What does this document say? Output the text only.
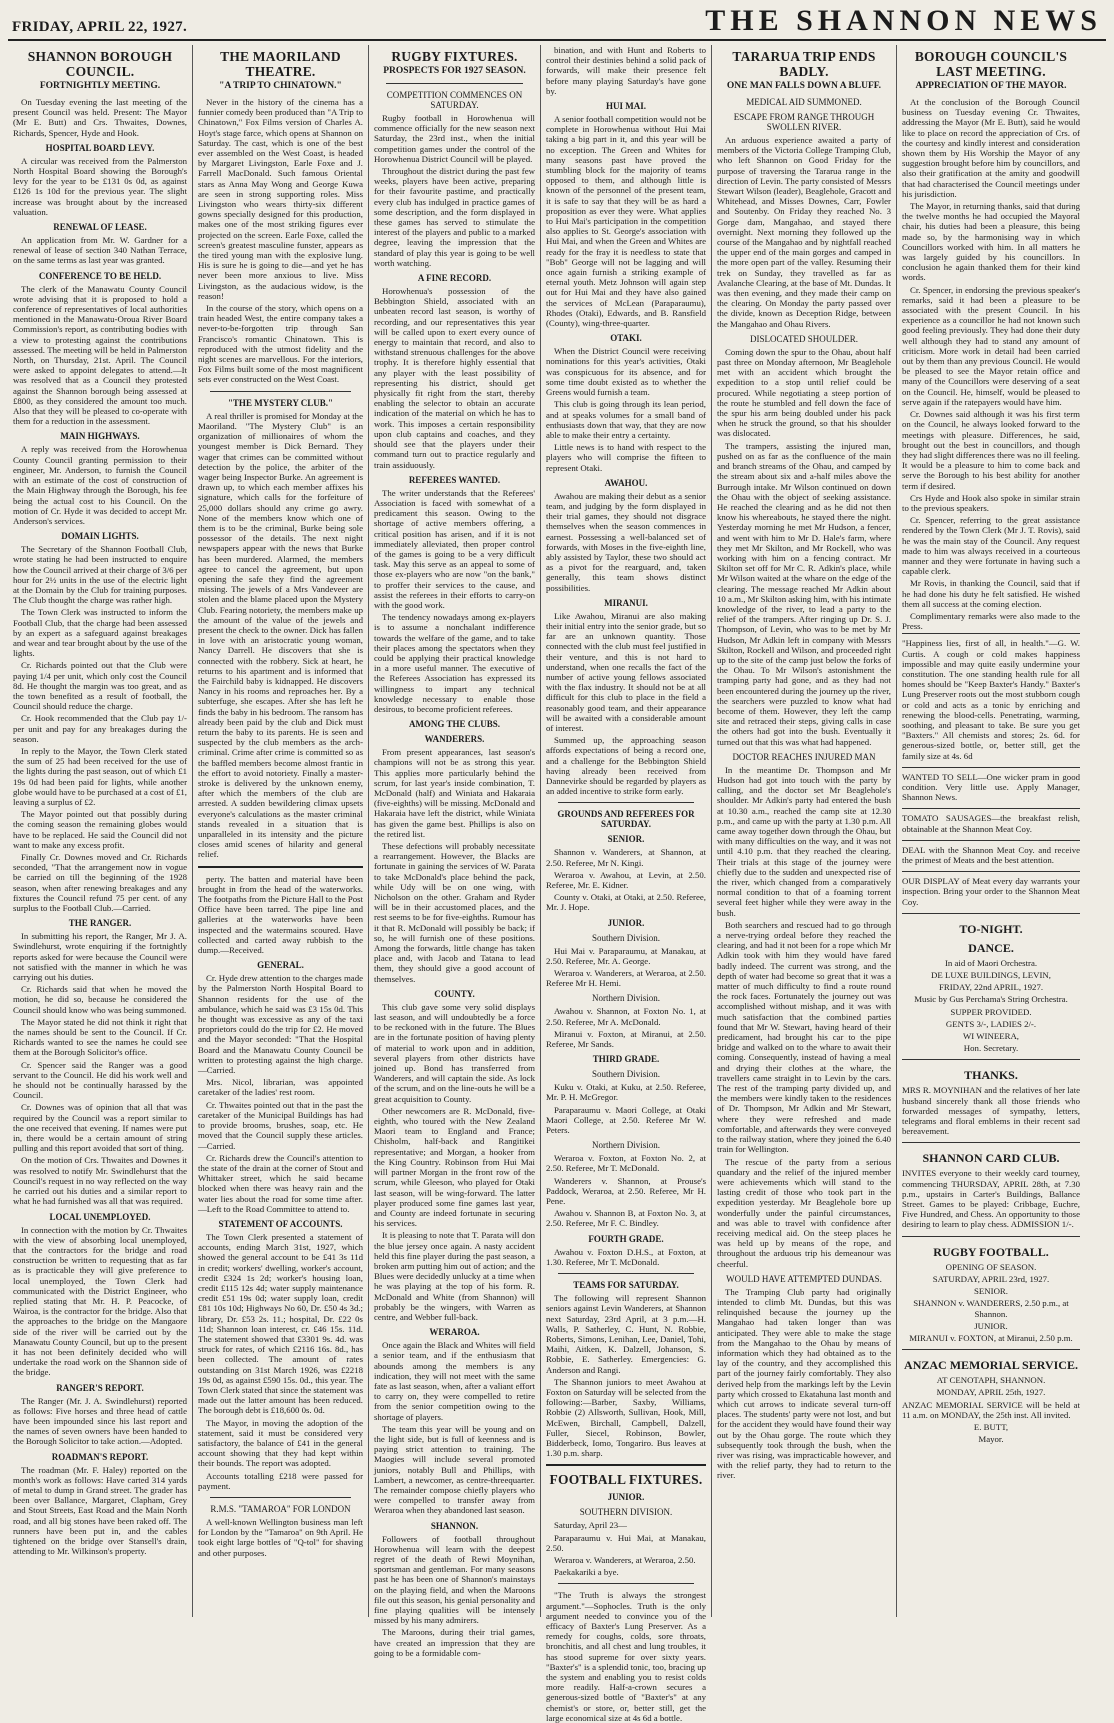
FRIDAY, APRIL 22, 1927.	THE SHANNON NEWS
SHANNON BOROUGH COUNCIL.
FORTNIGHTLY MEETING.

On Tuesday evening the last meeting of the present Council was held. Present: The Mayor (Mr E. Butt) and Crs. Thwaites, Downes, Richards, Spencer, Hyde and Hook.

HOSPITAL BOARD LEVY.

A circular was received from the Palmerston North Hospital Board showing the Borough's levy for the year to be £131 0s 0d, as against £126 1s 10d for the previous year. The slight increase was brought about by the increased valuation.

RENEWAL OF LEASE.

An application from Mr. W. Gardner for a renewal of lease of section 340 Nathan Terrace, on the same terms as last year was granted.

CONFERENCE TO BE HELD.

The clerk of the Manawatu County Council wrote advising that it is proposed to hold a conference of representatives of local authorities mentioned in the Manawatu-Oroua River Board Commission's report, as contributing bodies with a view to protesting against the contributions assessed. The meeting will be held in Palmerston North, on Thursday, 21st. April. The Council were asked to appoint delegates to attend.—It was resolved that as a Council they protested against the Shannon borough being assessed at £800, as they considered the amount too much. Also that they will be pleased to co-operate with them for a reduction in the assessment.

MAIN HIGHWAYS.

A reply was received from the Horowhenua County Council granting permission to their engineer, Mr. Anderson, to furnish the Council with an estimate of the cost of construction of the Main Highway through the Borough, his fee being the actual cost to his Council. On the motion of Cr. Hyde it was decided to accept Mr. Anderson's services.

DOMAIN LIGHTS.

The Secretary of the Shannon Football Club, wrote stating he had been instructed to enquire how the Council arrived at their charge of 3/6 per hour for 2½ units in the use of the electric light at the Domain by the Club for training purposes. The Club thought the charge was rather high.

The Town Clerk was instructed to inform the Football Club, that the charge had been assessed by an expert as a safeguard against breakages and wear and tear brought about by the use of the lights.

Cr. Richards pointed out that the Club were paying 1/4 per unit, which only cost the Council 8d. He thought the margin was too great, and as the town benefited as a result of football, the Council should reduce the charge.

Cr. Hook recommended that the Club pay 1/- per unit and pay for any breakages during the season.

In reply to the Mayor, the Town Clerk stated the sum of 25 had been received for the use of the lights during the past season, out of which £1 19s 0d had been paid for lights, while another globe would have to be purchased at a cost of £1, leaving a surplus of £2.

The Mayor pointed out that possibly during the coming season the remaining globes would have to be replaced. He said the Council did not want to make any excess profit.

Finally Cr. Downes moved and Cr. Richards seconded, "That the arrangement now in vogue be carried on till the beginning of the 1928 season, when after renewing breakages and any fixtures the Council refund 75 per cent. of any surplus to the Football Club.—Carried.

THE RANGER.

In submitting his report, the Ranger, Mr J. A. Swindlehurst, wrote enquiring if the fortnightly reports asked for were because the Council were not satisfied with the manner in which he was carrying out his duties.

Cr. Richards said that when he moved the motion, he did so, because he considered the Council should know who was being summoned.

The Mayor stated he did not think it right that the names should be sent to the Council. If Cr. Richards wanted to see the names he could see them at the Borough Solicitor's office.

Cr. Spencer said the Ranger was a good servant to the Council. He did his work well and he should not be continually harassed by the Council.

Cr. Downes was of opinion that all that was required by the Council was a report similar to the one received that evening. If names were put in, there would be a certain amount of string pulling and this report avoided that sort of thing.

On the motion of Crs. Thwaites and Downes it was resolved to notify Mr. Swindlehurst that the Council's request in no way reflected on the way he carried out his duties and a similar report to what he had furnished was all that was required.

LOCAL UNEMPLOYED.

In connection with the motion by Cr. Thwaites with the view of absorbing local unemployed, that the contractors for the bridge and road construction be written to requesting that as far as is practicable they will give preference to local unemployed, the Town Clerk had communicated with the District Engineer, who replied stating that Mr. H. P. Peacocke, of Wairoa, is the contractor for the bridge. Also that the approaches to the bridge on the Mangaore side of the river will be carried out by the Manawatu County Council, but up to the present it has not been definitely decided who will undertake the road work on the Shannon side of the bridge.

RANGER'S REPORT.

The Ranger (Mr. J. A. Swindlehurst) reported as follows: Five horses and three head of cattle have been impounded since his last report and the names of seven owners have been handed to the Borough Solicitor to take action.—Adopted.

ROADMAN'S REPORT.

The roadman (Mr. F. Haley) reported on the month's work as follows: Have carted 314 yards of metal to dump in Grand street. The grader has been over Ballance, Margaret, Clapham, Grey and Stout Streets, East Road and the Main North road, and all big stones have been raked off. The runners have been put in, and the cables tightened on the bridge over Stansell's drain, attending to Mr. Wilkinson's property.

THE MAORILAND THEATRE.
"A TRIP TO CHINATOWN."

Never in the history of the cinema has a funnier comedy been produced than "A Trip to Chinatown," Fox Films version of Charles A. Hoyt's stage farce, which opens at Shannon on Saturday. The cast, which is one of the best ever assembled on the West Coast, is headed by Margaret Livingston, Earle Foxe and J. Farrell MacDonald. Such famous Oriental stars as Anna May Wong and George Kuwa are seen in strong supporting roles. Miss Livingston who wears thirty-six different gowns specially designed for this production, makes one of the most striking figures ever projected on the screen. Earle Foxe, called the screen's greatest masculine funster, appears as the tired young man with the explosive lung. His is sure he is going to die—and yet he has never been more anxious to live. Miss Livingston, as the audacious widow, is the reason!

In the course of the story, which opens on a train headed West, the entire company takes a never-to-be-forgotten trip through San Francisco's romantic Chinatown. This is reproduced with the utmost fidelity and the night scenes are marvellous. For the interiors, Fox Films built some of the most magnificent sets ever constructed on the West Coast.

"THE MYSTERY CLUB."

A real thriller is promised for Monday at the Maoriland. "The Mystery Club" is an organization of millionaires of whom the youngest member is Dick Bernard. They wager that crimes can be committed without detection by the police, the arbiter of the wager being Inspector Burke. An agreement is drawn up, to which each member affixes his signature, which calls for the forfeiture of 25,000 dollars should any crime go awry. None of the members know which one of them is to be the criminal, Burke being sole possessor of the details. The next night newspapers appear with the news that Burke has been murdered. Alarmed, the members agree to cancel the agreement, but upon opening the safe they find the agreement missing. The jewels of a Mrs Vandeveer are stolen and the blame placed upon the Mystery Club. Fearing notoriety, the members make up the amount of the value of the jewels and present the check to the owner. Dick has fallen in love with an aristocratic young woman, Nancy Darrell. He discovers that she is connected with the robbery. Sick at heart, he returns to his apartment and is informed that the Fairchild baby is kidnapped. He discovers Nancy in his rooms and reproaches her. By a subterfuge, she escapes. After she has left he finds the baby in his bedroom. The ransom has already been paid by the club and Dick must return the baby to its parents. He is seen and suspected by the club members as the arch-criminal. Crime after crime is committed so as the baffled members become almost frantic in the effort to avoid notoriety. Finally a master-stroke is delivered by the unknown enemy, after which the members of the club are arrested. A sudden bewildering climax upsets everyone's calculations as the master criminal stands revealed in a situation that is unparalleled in its intensity and the picture closes amid scenes of hilarity and general relief.

perty. The batten and material have been brought in from the head of the waterworks. The footpaths from the Picture Hall to the Post Office have been tarred. The pipe line and galleries at the waterworks have been inspected and the watermains scoured. Have collected and carted away rubbish to the dump.—Received.

GENERAL.

Cr. Hyde drew attention to the charges made by the Palmerston North Hospital Board to Shannon residents for the use of the ambulance, which he said was £3 15s 0d. This he thought was excessive as any of the taxi proprietors could do the trip for £2. He moved and the Mayor seconded: "That the Hospital Board and the Manawatu County Council be written to protesting against the high charge.—Carried.

Mrs. Nicol, librarian, was appointed caretaker of the ladies' rest room.

Cr. Thwaites pointed out that in the past the caretaker of the Municipal Buildings has had to provide brooms, brushes, soap, etc. He moved that the Council supply these articles.—Carried.

Cr. Richards drew the Council's attention to the state of the drain at the corner of Stout and Whittaker street, which he said became blocked when there was heavy rain and the water lies about the road for some time after.—Left to the Road Committee to attend to.

STATEMENT OF ACCOUNTS.

The Town Clerk presented a statement of accounts, ending March 31st, 1927, which showed the general account to be £41 3s 11d in credit; workers' dwelling, worker's account, credit £324 1s 2d; worker's housing loan, credit £115 12s 4d; water supply maintenance credit £51 19s 0d; water supply loan, credit £81 10s 10d; Highways No 60, Dr. £50 4s 3d.; library, Dr. £53 2s. 11.; hospital, Dr. £22 0s 11d; Shannon loan interest, cr. £46 15s. 11d. The statement showed that £3301 9s. 4d. was struck for rates, of which £2116 16s. 8d., has been collected. The amount of rates outstanding on 31st March 1926, was £2218 19s 0d, as against £590 15s. 0d., this year. The Town Clerk stated that since the statement was made out the latter amount has been reduced. The borough debt is £18,600 0s. 0d.

The Mayor, in moving the adoption of the statement, said it must be considered very satisfactory, the balance of £41 in the general account showing that they had kept within their bounds. The report was adopted.

Accounts totalling £218 were passed for payment.

R.M.S. "TAMAROA" FOR LONDON

A well-known Wellington business man left for London by the "Tamaroa" on 9th April. He took eight large bottles of "Q-tol" for shaving and other purposes.

RUGBY FIXTURES.
PROSPECTS FOR 1927 SEASON.
COMPETITION COMMENCES ON SATURDAY.

Rugby football in Horowhenua will commence officially for the new season next Saturday, the 23rd inst., when the initial competition games under the control of the Horowhenua District Council will be played.

Throughout the district during the past few weeks, players have been active, preparing for their favourite pastime, and practically every club has indulged in practice games of some description, and the form displayed in these games has served to stimulate the interest of the players and public to a marked degree, leaving the impression that the standard of play this year is going to be well worth watching.

A FINE RECORD.

Horowhenua's possession of the Bebbington Shield, associated with an unbeaten record last season, is worthy of recording, and our representatives this year will be called upon to exert every ounce of energy to maintain that record, and also to withstand strenuous challenges for the above trophy. It is therefore highly essential that any player with the least possibility of representing his district, should get physically fit right from the start, thereby enabling the selector to obtain an accurate indication of the material on which he has to work. This imposes a certain responsibility upon club captains and coaches, and they should see that the players under their command turn out to practice regularly and train assiduously.

REFEREES WANTED.

The writer understands that the Referees' Association is faced with somewhat of a predicament this season. Owing to the shortage of active members offering, a critical position has arisen, and if it is not immediately alleviated, then proper control of the games is going to be a very difficult task. May this serve as an appeal to some of those ex-players who are now "on the bank," to proffer their services to the cause, and assist the referees in their efforts to carry-on with the good work.

The tendency nowadays among ex-players is to assume a nonchalant indifference towards the welfare of the game, and to take their places among the spectators when they could be applying their practical knowledge in a more useful manner. The executive of the Referees Association has expressed its willingness to impart any technical knowledge necessary to enable those desirous, to become proficient referees.

AMONG THE CLUBS.
WANDERERS.

From present appearances, last season's champions will not be as strong this year. This applies more particularly behind the scrum, for last year's inside combination, T. McDonald (half) and Winiata and Hakaraia (five-eighths) will be missing. McDonald and Hakaraia have left the district, while Winiata has given the game best. Phillips is also on the retired list.

These defections will probably necessitate a rearrangement. However, the Blacks are fortunate in gaining the services of W. Parata to take McDonald's place behind the pack, while Udy will be on one wing, with Nicholson on the other. Graham and Ryder will be in their accustomed places, and the rest seems to be for five-eighths. Rumour has it that R. McDonald will possibly be back; if so, he will furnish one of these positions. Among the forwards, little change has taken place and, with Jacob and Tatana to lead them, they should give a good account of themselves.

COUNTY.

This club gave some very solid displays last season, and will undoubtedly be a force to be reckoned with in the future. The Blues are in the fortunate position of having plenty of material to work upon and in addition, several players from other districts have joined up. Bond has transferred from Wanderers, and will captain the side. As lock of the scrum, and on the line-outs he will be a great acquisition to County.

Other newcomers are R. McDonald, five-eighth, who toured with the New Zealand Maori team to England and France; Chisholm, half-back and Rangitikei representative; and Morgan, a hooker from the King Country. Robinson from Hui Mai will partner Morgan in the front row of the scrum, while Gleeson, who played for Otaki last season, will be wing-forward. The latter player produced some fine games last year, and County are indeed fortunate in securing his services.

It is pleasing to note that T. Parata will don the blue jersey once again. A nasty accident held this fine player during the past season, a broken arm putting him out of action; and the Blues were decidedly unlucky at a time when he was playing at the top of his form. R. McDonald and White (from Shannon) will probably be the wingers, with Warren as centre, and Webber full-back.

WERAROA.

Once again the Black and Whites will field a senior team, and if the enthusiasm that abounds among the members is any indication, they will not meet with the same fate as last season, when, after a valiant effort to carry on, they were compelled to retire from the senior competition owing to the shortage of players.

The team this year will be young and on the light side, but is full of keenness and is paying strict attention to training. The Maogies will include several promoted juniors, notably Bull and Phillips, with Lambert, a newcomer, as centre-threequarter. The remainder compose chiefly players who were compelled to transfer away from Weraroa when they abandoned last season.

SHANNON.

Followers of football throughout Horowhenua will learn with the deepest regret of the death of Rewi Moynihan, sportsman and gentleman. For many seasons past he has been one of Shannon's mainstays on the playing field, and when the Maroons file out this season, his genial personality and fine playing qualities will be intensely missed by his many admirers.

The Maroons, during their trial games, have created an impression that they are going to be a formidable com-

bination, and with Hunt and Roberts to control their destinies behind a solid pack of forwards, will make their presence felt before many playing Saturday's have gone by.

HUI MAI.

A senior football competition would not be complete in Horowhenua without Hui Mai taking a big part in it, and this year will be no exception. The Green and Whites for many seasons past have proved the stumbling block for the majority of teams opposed to them, and although little is known of the personnel of the present team, it is safe to say that they will be as hard a proposition as ever they were. What applies to Hui Mai's participation in the competition also applies to St. George's association with Hui Mai, and when the Green and Whites are ready for the fray it is needless to state that "Bob" George will not be lagging and will once again furnish a striking example of eternal youth. Metz Johnson will again step out for Hui Mai and they have also gained the services of McLean (Paraparaumu), Rhodes (Otaki), Edwards, and B. Ransfield (County), wing-three-quarter.

OTAKI.

When the District Council were receiving nominations for this year's activities, Otaki was conspicuous for its absence, and for some time doubt existed as to whether the Greens would furnish a team.

This club is going through its lean period, and at speaks volumes for a small band of enthusiasts down that way, that they are now able to make their entry a certainty.

Little news is to hand with respect to the players who will comprise the fifteen to represent Otaki.

AWAHOU.

Awahou are making their debut as a senior team, and judging by the form displayed in their trial games, they should not disgrace themselves when the season commences in earnest. Possessing a well-balanced set of forwards, with Moses in the five-eighth line, ably assisted by Taylor, these two should act as a pivot for the rearguard, and, taken generally, this team shows distinct possibilities.

MIRANUI.

Like Awahou, Miranui are also making their initial entry into the senior grade, but so far are an unknown quantity. Those connected with the club must feel justified in their venture, and this is not hard to understand, when one recalls the fact of the number of active young fellows associated with the flax industry. It should not be at all difficult for this club to place in the field a reasonably good team, and their appearance will be awaited with a considerable amount of interest.

Summed up, the approaching season affords expectations of being a record one, and a challenge for the Bebbington Shield having already been received from Dannevirke should be regarded by players as an added incentive to strike form early.

GROUNDS AND REFEREES FOR SATURDAY.
SENIOR.

Shannon v. Wanderers, at Shannon, at 2.50. Referee, Mr N. Kingi.

Weraroa v. Awahou, at Levin, at 2.50. Referee, Mr. E. Kidner.

County v. Otaki, at Otaki, at 2.50. Referee, Mr. J. Hope.

JUNIOR.
Southern Division.

Hui Mai v. Paraparaumu, at Manakau, at 2.50. Referee, Mr. A. George.

Weraroa v. Wanderers, at Weraroa, at 2.50. Referee Mr H. Hemi.

Northern Division.

Awahou v. Shannon, at Foxton No. 1, at 2.50. Referee, Mr A. McDonald.

Miranui v. Foxton, at Miranui, at 2.50. Referee, Mr Sands.

THIRD GRADE.
Southern Division.

Kuku v. Otaki, at Kuku, at 2.50. Referee, Mr. P. H. McGregor.

Paraparaumu v. Maori College, at Otaki Maori College, at 2.50. Referee Mr W. Peters.

Northern Division.

Weraroa v. Foxton, at Foxton No. 2, at 2.50. Referee, Mr T. McDonald.

Wanderers v. Shannon, at Prouse's Paddock, Weraroa, at 2.50. Referee, Mr H. Pene.

Awahou v. Shannon B, at Foxton No. 3, at 2.50. Referee, Mr F. C. Bindley.

FOURTH GRADE.

Awahou v. Foxton D.H.S., at Foxton, at 1.30. Referee, Mr T. McDonald.

TEAMS FOR SATURDAY.

The following will represent Shannon seniors against Levin Wanderers, at Shannon next Saturday, 23rd April, at 3 p.m.—H. Walls, P. Satherley, C. Hunt, N. Robbie, Roberts, Simons, Lenihan, Lee, Daniel, Tohi, Maihi, Aitken, K. Dalzell, Johanson, S. Robbie, E. Satherley. Emergencies: G. Anderson and Rangi.

The Shannon juniors to meet Awahou at Foxton on Saturday will be selected from the following:—Barber, Saxby, Williams, Robbie (2) Allsworth, Sullivan, Hook, Mill, McEwen, Birchall, Campbell, Dalzell, Fuller, Siecel, Robinson, Bowler, Bidderbeck, Iomo, Tongariro. Bus leaves at 1.30 p.m. sharp.

FOOTBALL FIXTURES.
JUNIOR.
SOUTHERN DIVISION.

Saturday, April 23—

Paraparaumu v. Hui Mai, at Manakau, 2.50.

Weraroa v. Wanderers, at Weraroa, 2.50.

Paekakariki a bye.

"The Truth is always the strongest argument."—Sophocles. Truth is the only argument needed to convince you of the efficacy of Baxter's Lung Preserver. As a remedy for coughs, colds, sore throats, bronchitis, and all chest and lung troubles, it has stood supreme for over sixty years. "Baxter's" is a splendid tonic, too, bracing up the system and enabling you to resist colds more readily. Half-a-crown secures a generous-sized bottle of "Baxter's" at any chemist's or store, or, better still, get the large economical size at 4s 6d a bottle.

TARARUA TRIP ENDS BADLY.
ONE MAN FALLS DOWN A BLUFF.
MEDICAL AID SUMMONED.
ESCAPE FROM RANGE THROUGH SWOLLEN RIVER.

An arduous experience awaited a party of members of the Victoria College Tramping Club, who left Shannon on Good Friday for the purpose of traversing the Tararua range in the direction of Levin. The party consisted of Messrs Stewart Wilson (leader), Beaglehole, Gracott and Whitehead, and Misses Downes, Carr, Fowler and Soutenby. On Friday they reached No. 3 Gorge dam, Mangahao, and stayed there overnight. Next morning they followed up the course of the Mangahao and by nightfall reached the upper end of the main gorges and camped in the more open part of the valley. Resuming their trek on Sunday, they travelled as far as Avalanche Clearing, at the base of Mt. Dundas. It was then evening, and they made their camp on the clearing. On Monday the party passed over the divide, known as Deception Ridge, between the Mangahao and Ohau Rivers.

DISLOCATED SHOULDER.

Coming down the spur to the Ohau, about half past three on Monday afternoon, Mr Beaglehole met with an accident which brought the expedition to a stop until relief could be procured. While negotiating a steep portion of the route he stumbled and fell down the face of the spur his arm being doubled under his pack when he struck the ground, so that his shoulder was dislocated.

The trampers, assisting the injured man, pushed on as far as the confluence of the main and branch streams of the Ohau, and camped by the stream about six and a-half miles above the Burrough intake. Mr Wilson continued on down the Ohau with the object of seeking assistance. He reached the clearing and as he did not then know his whereabouts, he stayed there the night. Yesterday morning he met Mr Hudson, a fencer, and went with him to Mr D. Hale's farm, where they met Mr Skilton, and Mr Rockell, who was working with him on a fencing contract. Mr Skilton set off for Mr C. R. Adkin's place, while Mr Wilson waited at the whare on the edge of the clearing. The message reached Mr Adkin about 10 a.m., Mr Skilton asking him, with his intimate knowledge of the river, to lead a party to the relief of the trampers. After ringing up Dr. S. J. Thompson, of Levin, who was to be met by Mr Hudson, Mr Adkin left in company with Messrs Skilton, Rockell and Wilson, and proceeded right up to the site of the camp just below the forks of the Ohau. To Mr Wilson's astonishment the tramping party had gone, and as they had not been encountered during the journey up the river, the searchers were puzzled to know what had become of them. However, they left the camp site and retraced their steps, giving calls in case the others had got into the bush. Eventually it turned out that this was what had happened.

DOCTOR REACHES INJURED MAN

In the meantime Dr. Thompson and Mr Hudson had got into touch with the party by calling, and the doctor set Mr Beaglehole's shoulder. Mr Adkin's party had entered the bush at 10.30 a.m., reached the camp site at 12.30 p.m., and came up with the party at 1.30 p.m. All came away together down through the Ohau, but with many difficulties on the way, and it was not until 4.10 p.m. that they reached the clearing. Their trials at this stage of the journey were chiefly due to the sudden and unexpected rise of the river, which changed from a comparatively normal condition to that of a foaming torrent several feet higher while they were away in the bush.

Both searchers and rescued had to go through a nerve-trying ordeal before they reached the clearing, and had it not been for a rope which Mr Adkin took with him they would have fared badly indeed. The current was strong, and the depth of water had become so great that it was a matter of much difficulty to find a route round the rock faces. Fortunately the journey out was accomplished without mishap, and it was with much satisfaction that the combined parties found that Mr W. Stewart, having heard of their predicament, had brought his car to the pipe bridge and walked on to the whare to await their coming. Consequently, instead of having a meal and drying their clothes at the whare, the travellers came straight in to Levin by the cars. The rest of the tramping party divided up, and the members were kindly taken to the residences of Dr. Thompson, Mr Adkin and Mr Stewart, where they were refreshed and made comfortable, and afterwards they were conveyed to the railway station, where they joined the 6.40 train for Wellington.

The rescue of the party from a serious quandary and the relief of the injured member were achievements which will stand to the lasting credit of those who took part in the expedition yesterday. Mr Beaglehole bore up wonderfully under the painful circumstances, and was able to travel with confidence after receiving medical aid. On the steep places he was held up by means of the rope, and throughout the arduous trip his demeanour was cheerful.

WOULD HAVE ATTEMPTED DUNDAS.

The Tramping Club party had originally intended to climb Mt. Dundas, but this was relinquished because the journey up the Mangahao had taken longer than was anticipated. They were able to make the stage from the Mangahao to the Ohau by means of information which they had obtained as to the lay of the country, and they accomplished this part of the journey fairly comfortably. They also derived help from the markings left by the Levin party which crossed to Ekatahuna last month and which cut arrows to indicate several turn-off places. The students' party were not lost, and but for the accident they would have found their way out by the Ohau gorge. The route which they subsequently took through the bush, when the river was rising, was impracticable however, and with the relief party, they had to return to the river.

BOROUGH COUNCIL'S LAST MEETING.
APPRECIATION OF THE MAYOR.

At the conclusion of the Borough Council business on Tuesday evening Cr. Thwaites, addressing the Mayor (Mr E. Butt), said he would like to place on record the appreciation of Crs. of the courtesy and kindly interest and consideration shown them by His Worship the Mayor of any suggestion brought before him by councillors, and also their gratification at the amity and goodwill that had characterised the Council meetings under his jurisdiction.

The Mayor, in returning thanks, said that during the twelve months he had occupied the Mayoral chair, his duties had been a pleasure, this being made so, by the harmonising way in which Councillors worked with him. In all matters he was largely guided by his councillors. In conclusion he again thanked them for their kind words.

Cr. Spencer, in endorsing the previous speaker's remarks, said it had been a pleasure to be associated with the present Council. In his experience as a councillor he had not known such good feeling previously. They had done their duty well although they had to stand any amount of criticism. More work in detail had been carried out by them than any previous Council. He would be pleased to see the Mayor retain office and many of the Councillors were deserving of a seat on the Council. He, himself, would be pleased to serve again if the ratepayers would have him.

Cr. Downes said although it was his first term on the Council, he always looked forward to the meetings with pleasure. Differences, he said, brought out the best in councillors, and though they had slight differences there was no ill feeling. It would be a pleasure to him to come back and serve the Borough to his best ability for another term if desired.

Crs Hyde and Hook also spoke in similar strain to the previous speakers.

Cr. Spencer, referring to the great assistance rendered by the Town Clerk (Mr J. T. Rovis), said he was the main stay of the Council. Any request made to him was always received in a courteous manner and they were fortunate in having such a capable clerk.

Mr Rovis, in thanking the Council, said that if he had done his duty he felt satisfied. He wished them all success at the coming election.

Complimentary remarks were also made to the Press.

"Happiness lies, first of all, in health."—G. W. Curtis. A cough or cold makes happiness impossible and may quite easily undermine your constitution. The one standing health rule for all homes should be "Keep Baxter's Handy." Baxter's Lung Preserver roots out the most stubborn cough or cold and acts as a tonic by enriching and renewing the blood-cells. Penetrating, warming, soothing, and pleasant to take. Be sure you get "Baxters." All chemists and stores; 2s. 6d. for generous-sized bottle, or, better still, get the family size at 4s. 6d

WANTED TO SELL—One wicker pram in good condition. Very little use. Apply Manager, Shannon News.

TOMATO SAUSAGES—the breakfast relish, obtainable at the Shannon Meat Coy.

DEAL with the Shannon Meat Coy. and receive the primest of Meats and the best attention.

OUR DISPLAY of Meat every day warrants your inspection. Bring your order to the Shannon Meat Coy.

TO-NIGHT.
DANCE.

In aid of Maori Orchestra.

DE LUXE BUILDINGS, LEVIN,

FRIDAY, 22nd APRIL, 1927.

Music by Gus Perchama's String Orchestra.

SUPPER PROVIDED.

GENTS 3/-, LADIES 2/-.

WI WINEERA,

Hon. Secretary.

THANKS.

MRS R. MOYNIHAN and the relatives of her late husband sincerely thank all those friends who forwarded messages of sympathy, letters, telegrams and floral emblems in their recent sad bereavement.

SHANNON CARD CLUB.

INVITES everyone to their weekly card tourney, commencing THURSDAY, APRIL 28th, at 7.30 p.m., upstairs in Carter's Buildings, Ballance Street. Games to be played: Cribbage, Euchre, Five Hundred, and Chess. An opportunity to those desiring to learn to play chess. ADMISSION 1/-.

RUGBY FOOTBALL.

OPENING OF SEASON.

SATURDAY, APRIL 23rd, 1927.

SENIOR.

SHANNON v. WANDERERS, 2.50 p.m., at Shannon.

JUNIOR.

MIRANUI v. FOXTON, at Miranui, 2.50 p.m.

ANZAC MEMORIAL SERVICE.

AT CENOTAPH, SHANNON.

MONDAY, APRIL 25th, 1927.

ANZAC MEMORIAL SERVICE will be held at 11 a.m. on MONDAY, the 25th inst. All invited.

E. BUTT,

Mayor.
